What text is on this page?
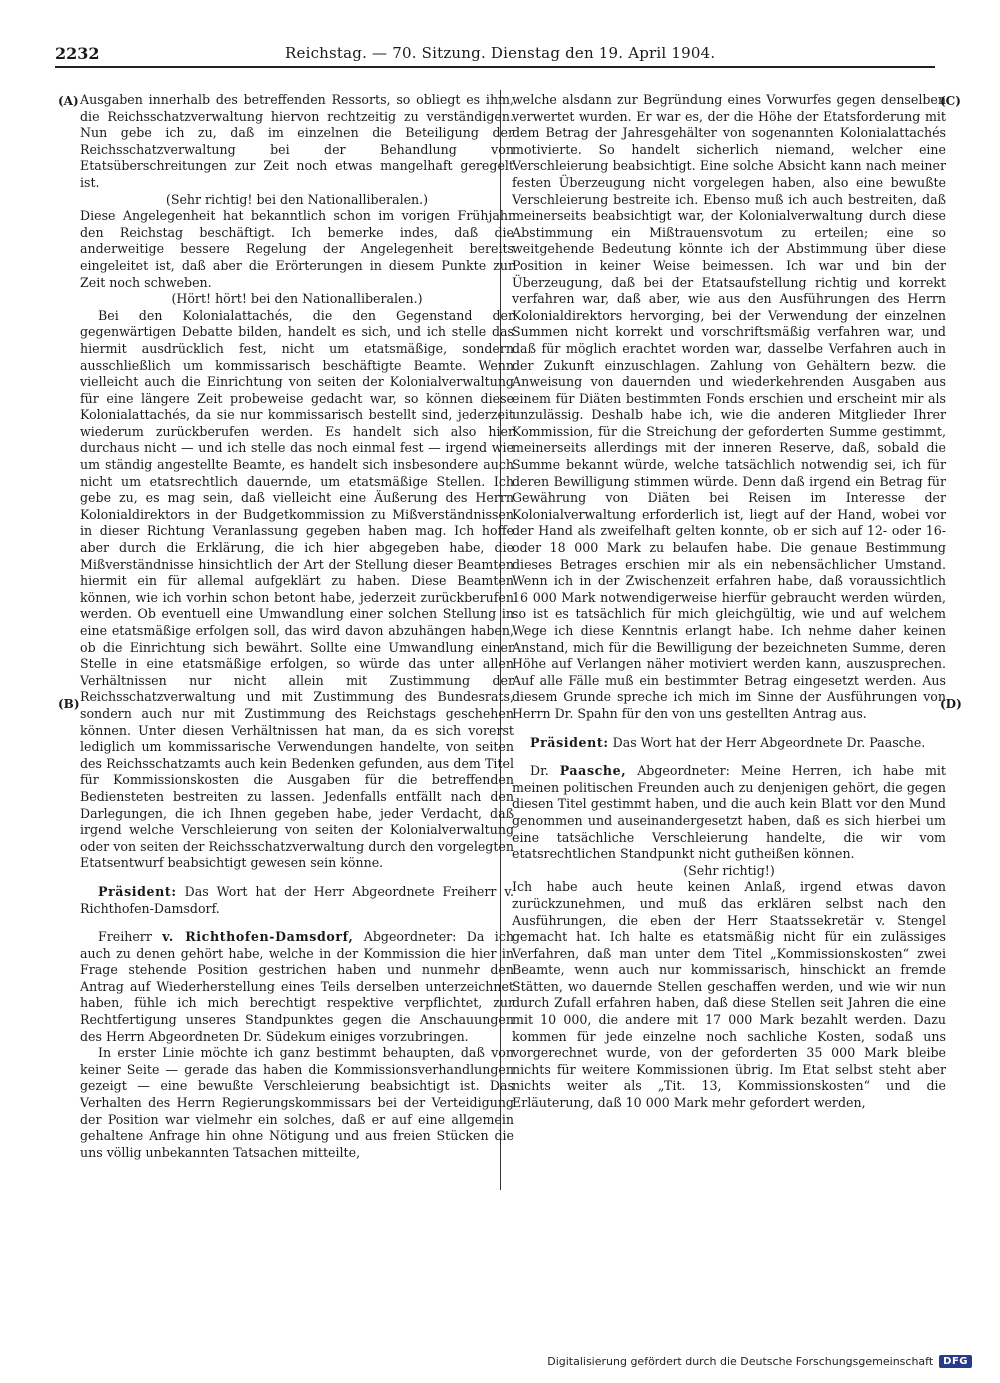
2232	Reichstag. — 70. Sitzung. Dienstag den 19. April 1904.
(A)
(B)
(C)
(D)

Ausgaben innerhalb des betreffenden Ressorts, so obliegt es ihm, die Reichsschatzverwaltung hiervon rechtzeitig zu verständigen. Nun gebe ich zu, daß im einzelnen die Beteiligung der Reichsschatzverwaltung bei der Behandlung von Etatsüberschreitungen zur Zeit noch etwas mangelhaft geregelt ist.

(Sehr richtig! bei den Nationalliberalen.)

Diese Angelegenheit hat bekanntlich schon im vorigen Frühjahr den Reichstag beschäftigt. Ich bemerke indes, daß die anderweitige bessere Regelung der Angelegenheit bereits eingeleitet ist, daß aber die Erörterungen in diesem Punkte zur Zeit noch schweben.

(Hört! hört! bei den Nationalliberalen.)

Bei den Kolonialattachés, die den Gegenstand der gegenwärtigen Debatte bilden, handelt es sich, und ich stelle das hiermit ausdrücklich fest, nicht um etatsmäßige, sondern ausschließlich um kommissarisch beschäftigte Beamte. Wenn vielleicht auch die Einrichtung von seiten der Kolonialverwaltung für eine längere Zeit probeweise gedacht war, so können diese Kolonialattachés, da sie nur kommissarisch bestellt sind, jederzeit wiederum zurückberufen werden. Es handelt sich also hier durchaus nicht — und ich stelle das noch einmal fest — irgend wie um ständig angestellte Beamte, es handelt sich insbesondere auch nicht um etatsrechtlich dauernde, um etatsmäßige Stellen. Ich gebe zu, es mag sein, daß vielleicht eine Äußerung des Herrn Kolonialdirektors in der Budgetkommission zu Mißverständnissen in dieser Richtung Veranlassung gegeben haben mag. Ich hoffe aber durch die Erklärung, die ich hier abgegeben habe, die Mißverständnisse hinsichtlich der Art der Stellung dieser Beamten hiermit ein für allemal aufgeklärt zu haben. Diese Beamten können, wie ich vorhin schon betont habe, jederzeit zurückberufen werden. Ob eventuell eine Umwandlung einer solchen Stellung in eine etatsmäßige erfolgen soll, das wird davon abzuhängen haben, ob die Einrichtung sich bewährt. Sollte eine Umwandlung einer Stelle in eine etatsmäßige erfolgen, so würde das unter allen Verhältnissen nur nicht allein mit Zustimmung der Reichsschatzverwaltung und mit Zustimmung des Bundesrats, sondern auch nur mit Zustimmung des Reichstags geschehen können. Unter diesen Verhältnissen hat man, da es sich vorerst lediglich um kommissarische Verwendungen handelte, von seiten des Reichsschatzamts auch kein Bedenken gefunden, aus dem Titel für Kommissionskosten die Ausgaben für die betreffenden Bediensteten bestreiten zu lassen. Jedenfalls entfällt nach den Darlegungen, die ich Ihnen gegeben habe, jeder Verdacht, daß irgend welche Verschleierung von seiten der Kolonialverwaltung oder von seiten der Reichsschatzverwaltung durch den vorgelegten Etatsentwurf beabsichtigt gewesen sein könne.

Präsident: Das Wort hat der Herr Abgeordnete Freiherr v. Richthofen-Damsdorf.

Freiherr v. Richthofen-Damsdorf, Abgeordneter: Da ich auch zu denen gehört habe, welche in der Kommission die hier in Frage stehende Position gestrichen haben und nunmehr den Antrag auf Wiederherstellung eines Teils derselben unterzeichnet haben, fühle ich mich berechtigt respektive verpflichtet, zur Rechtfertigung unseres Standpunktes gegen die Anschauungen des Herrn Abgeordneten Dr. Südekum einiges vorzubringen.

In erster Linie möchte ich ganz bestimmt behaupten, daß von keiner Seite — gerade das haben die Kommissionsverhandlungen gezeigt — eine bewußte Verschleierung beabsichtigt ist. Das Verhalten des Herrn Regierungskommissars bei der Verteidigung der Position war vielmehr ein solches, daß er auf eine allgemein gehaltene Anfrage hin ohne Nötigung und aus freien Stücken die uns völlig unbekannten Tatsachen mitteilte,

welche alsdann zur Begründung eines Vorwurfes gegen denselben verwertet wurden. Er war es, der die Höhe der Etatsforderung mit dem Betrag der Jahresgehälter von sogenannten Kolonialattachés motivierte. So handelt sicherlich niemand, welcher eine Verschleierung beabsichtigt. Eine solche Absicht kann nach meiner festen Überzeugung nicht vorgelegen haben, also eine bewußte Verschleierung bestreite ich. Ebenso muß ich auch bestreiten, daß meinerseits beabsichtigt war, der Kolonialverwaltung durch diese Abstimmung ein Mißtrauensvotum zu erteilen; eine so weitgehende Bedeutung könnte ich der Abstimmung über diese Position in keiner Weise beimessen. Ich war und bin der Überzeugung, daß bei der Etatsaufstellung richtig und korrekt verfahren war, daß aber, wie aus den Ausführungen des Herrn Kolonialdirektors hervorging, bei der Verwendung der einzelnen Summen nicht korrekt und vorschriftsmäßig verfahren war, und daß für möglich erachtet worden war, dasselbe Verfahren auch in der Zukunft einzuschlagen. Zahlung von Gehältern bezw. die Anweisung von dauernden und wiederkehrenden Ausgaben aus einem für Diäten bestimmten Fonds erschien und erscheint mir als unzulässig. Deshalb habe ich, wie die anderen Mitglieder Ihrer Kommission, für die Streichung der geforderten Summe gestimmt, meinerseits allerdings mit der inneren Reserve, daß, sobald die Summe bekannt würde, welche tatsächlich notwendig sei, ich für deren Bewilligung stimmen würde. Denn daß irgend ein Betrag für Gewährung von Diäten bei Reisen im Interesse der Kolonialverwaltung erforderlich ist, liegt auf der Hand, wobei vor der Hand als zweifelhaft gelten konnte, ob er sich auf 12- oder 16- oder 18 000 Mark zu belaufen habe. Die genaue Bestimmung dieses Betrages erschien mir als ein nebensächlicher Umstand. Wenn ich in der Zwischenzeit erfahren habe, daß voraussichtlich 16 000 Mark notwendigerweise hierfür gebraucht werden würden, so ist es tatsächlich für mich gleichgültig, wie und auf welchem Wege ich diese Kenntnis erlangt habe. Ich nehme daher keinen Anstand, mich für die Bewilligung der bezeichneten Summe, deren Höhe auf Verlangen näher motiviert werden kann, auszusprechen. Auf alle Fälle muß ein bestimmter Betrag eingesetzt werden. Aus diesem Grunde spreche ich mich im Sinne der Ausführungen von Herrn Dr. Spahn für den von uns gestellten Antrag aus.

Präsident: Das Wort hat der Herr Abgeordnete Dr. Paasche.

Dr. Paasche, Abgeordneter: Meine Herren, ich habe mit meinen politischen Freunden auch zu denjenigen gehört, die gegen diesen Titel gestimmt haben, und die auch kein Blatt vor den Mund genommen und auseinandergesetzt haben, daß es sich hierbei um eine tatsächliche Verschleierung handelte, die wir vom etatsrechtlichen Standpunkt nicht gutheißen können.

(Sehr richtig!)

Ich habe auch heute keinen Anlaß, irgend etwas davon zurückzunehmen, und muß das erklären selbst nach den Ausführungen, die eben der Herr Staatssekretär v. Stengel gemacht hat. Ich halte es etatsmäßig nicht für ein zulässiges Verfahren, daß man unter dem Titel „Kommissionskosten“ zwei Beamte, wenn auch nur kommissarisch, hinschickt an fremde Stätten, wo dauernde Stellen geschaffen werden, und wie wir nun durch Zufall erfahren haben, daß diese Stellen seit Jahren die eine mit 10 000, die andere mit 17 000 Mark bezahlt werden. Dazu kommen für jede einzelne noch sachliche Kosten, sodaß uns vorgerechnet wurde, von der geforderten 35 000 Mark bleibe nichts für weitere Kommissionen übrig. Im Etat selbst steht aber nichts weiter als „Tit. 13, Kommissionskosten“ und die Erläuterung, daß 10 000 Mark mehr gefordert werden,

Digitalisierung gefördert durch die Deutsche Forschungsgemeinschaft	DFG
